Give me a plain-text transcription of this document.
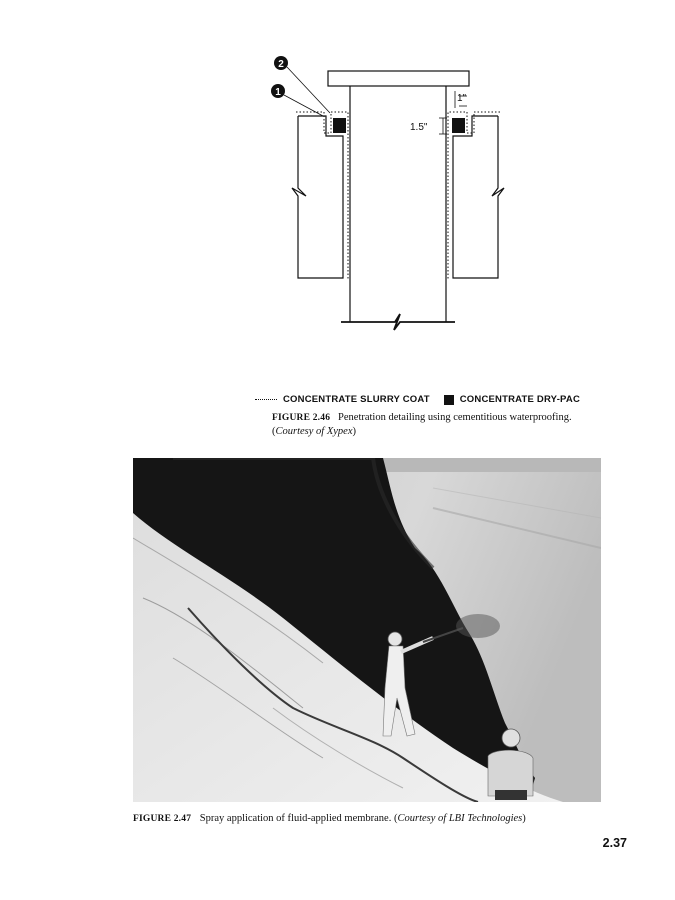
1"
1.5"
2
1
CONCENTRATE SLURRY COAT	CONCENTRATE DRY-PAC
FIGURE 2.46 Penetration detailing using cementitious waterproofing. (Courtesy of Xypex)
FIGURE 2.47 Spray application of fluid-applied membrane. (Courtesy of LBI Technologies)
2.37
